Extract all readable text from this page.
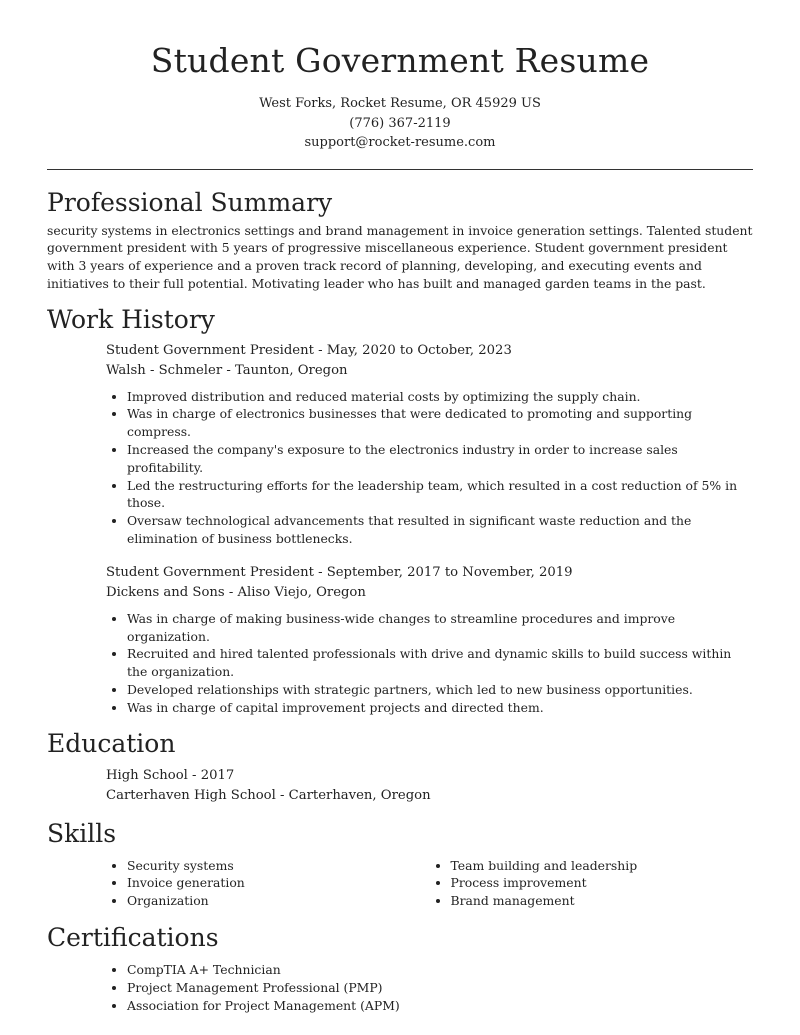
Student Government Resume
West Forks, Rocket Resume, OR 45929 US
(776) 367-2119
support@rocket-resume.com
Professional Summary

security systems in electronics settings and brand management in invoice generation settings. Talented student government president with 5 years of progressive miscellaneous experience. Student government president with 3 years of experience and a proven track record of planning, developing, and executing events and initiatives to their full potential. Motivating leader who has built and managed garden teams in the past.

Work History
Student Government President - May, 2020 to October, 2023
Walsh - Schmeler - Taunton, Oregon
• Improved distribution and reduced material costs by optimizing the supply chain.
• Was in charge of electronics businesses that were dedicated to promoting and supporting compress.
• Increased the company's exposure to the electronics industry in order to increase sales profitability.
• Led the restructuring efforts for the leadership team, which resulted in a cost reduction of 5% in those.
• Oversaw technological advancements that resulted in significant waste reduction and the elimination of business bottlenecks.
Student Government President - September, 2017 to November, 2019
Dickens and Sons - Aliso Viejo, Oregon
• Was in charge of making business-wide changes to streamline procedures and improve organization.
• Recruited and hired talented professionals with drive and dynamic skills to build success within the organization.
• Developed relationships with strategic partners, which led to new business opportunities.
• Was in charge of capital improvement projects and directed them.
Education
High School - 2017
Carterhaven High School - Carterhaven, Oregon
Skills
• Security systems
• Invoice generation
• Organization
• Team building and leadership
• Process improvement
• Brand management
Certifications
• CompTIA A+ Technician
• Project Management Professional (PMP)
• Association for Project Management (APM)
